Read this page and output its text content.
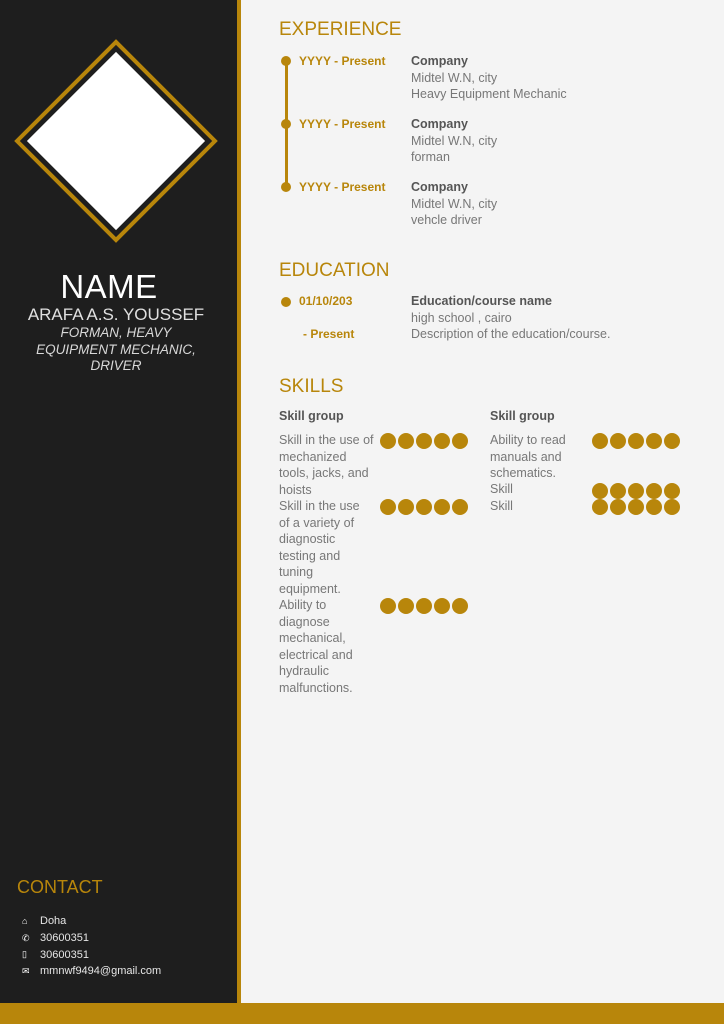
NAME
ARAFA A.S. YOUSSEF
FORMAN, HEAVY EQUIPMENT MECHANIC, DRIVER
CONTACT
⌂	Doha
✆ 30600351
▯	30600351
✉ mmnwf9494@gmail.com
EXPERIENCE
YYYY - Present Company
Midtel W.N, city
Heavy Equipment Mechanic
YYYY - Present Company
Midtel W.N, city
forman
YYYY - Present Company
Midtel W.N, city
vehcle driver
EDUCATION
01/10/203
- Present
Education/course name
high school , cairo
Description of the education/course.
SKILLS
Skill group
Skill in the use of mechanized tools, jacks, and hoists
Skill in the use of a variety of diagnostic testing and tuning equipment.
Ability to diagnose mechanical, electrical and hydraulic malfunctions.
Skill group
Ability to read manuals and schematics.
Skill
Skill
